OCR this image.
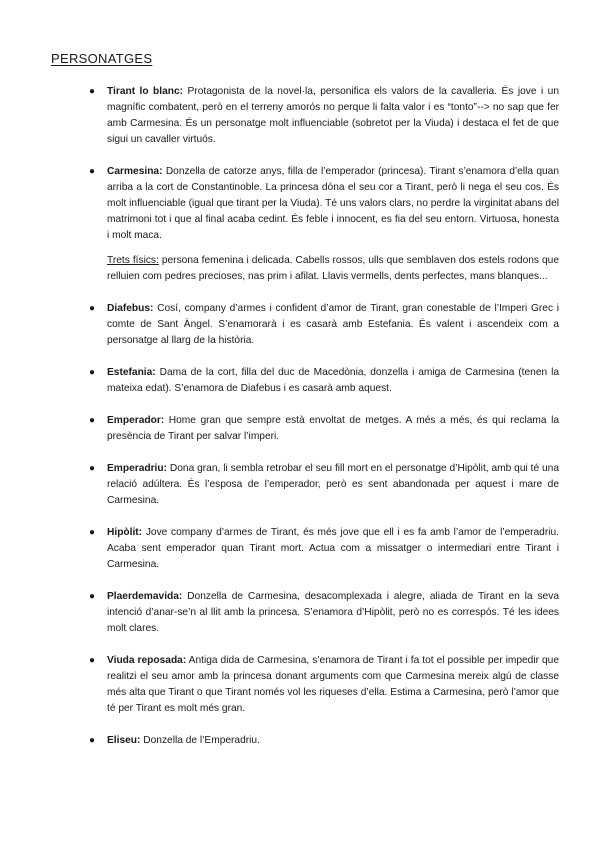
PERSONATGES
● Tirant lo blanc: Protagonista de la novel·la, personifica els valors de la cavalleria. És jove i un magnífic combatent, però en el terreny amorós no perque li falta valor i es “tonto”--> no sap que fer amb Carmesina. És un personatge molt influenciable (sobretot per la Viuda) i destaca el fet de que sigui un cavaller virtuós.

● Carmesina: Donzella de catorze anys, filla de l’emperador (princesa). Tirant s’enamora d’ella quan arriba a la cort de Constantinoble. La princesa dóna el seu cor a Tirant, però li nega el seu cos. És molt influenciable (igual que tirant per la Viuda). Té uns valors clars, no perdre la virginitat abans del matrimoni tot i que al final acaba cedint. És feble i innocent, es fia del seu entorn. Virtuosa, honesta i molt maca.

Trets físics: persona femenina i delicada. Cabells rossos, ulls que semblaven dos estels rodons que relluien com pedres precioses, nas prim i afilat. Llavis vermells, dents perfectes, mans blanques...

● Diafebus: Cosí, company d’armes i confident d’amor de Tirant, gran conestable de l’Imperi Grec i comte de Sant Àngel. S’enamorarà i es casarà amb Estefania. És valent i ascendeix com a personatge al llarg de la història.

● Estefania: Dama de la cort, filla del duc de Macedònia, donzella i amiga de Carmesina (tenen la mateixa edat). S’enamora de Diafebus i es casarà amb aquest.

● Emperador: Home gran que sempre està envoltat de metges. A més a més, és qui reclama la presència de Tirant per salvar l’imperi.

● Emperadriu: Dona gran, li sembla retrobar el seu fill mort en el personatge d’Hipòlit, amb qui té una relació adúltera. És l’esposa de l’emperador, però es sent abandonada per aquest i mare de Carmesina.

● Hipòlit: Jove company d’armes de Tirant, és més jove que ell i es fa amb l’amor de l’emperadriu. Acaba sent emperador quan Tirant mort. Actua com a missatger o intermediari entre Tirant i Carmesina.

● Plaerdemavida: Donzella de Carmesina, desacomplexada i alegre, aliada de Tirant en la seva intenció d’anar-se’n al llit amb la princesa. S’enamora d’Hipòlit, però no es correspós. Té les idees molt clares.

● Viuda reposada: Antiga dida de Carmesina, s’enamora de Tirant i fa tot el possible per impedir que realitzi el seu amor amb la princesa donant arguments com que Carmesina mereix algú de classe més alta que Tirant o que Tirant només vol les riqueses d’ella. Estima a Carmesina, però l’amor que té per Tirant es molt més gran.

● Eliseu: Donzella de l’Emperadriu.
